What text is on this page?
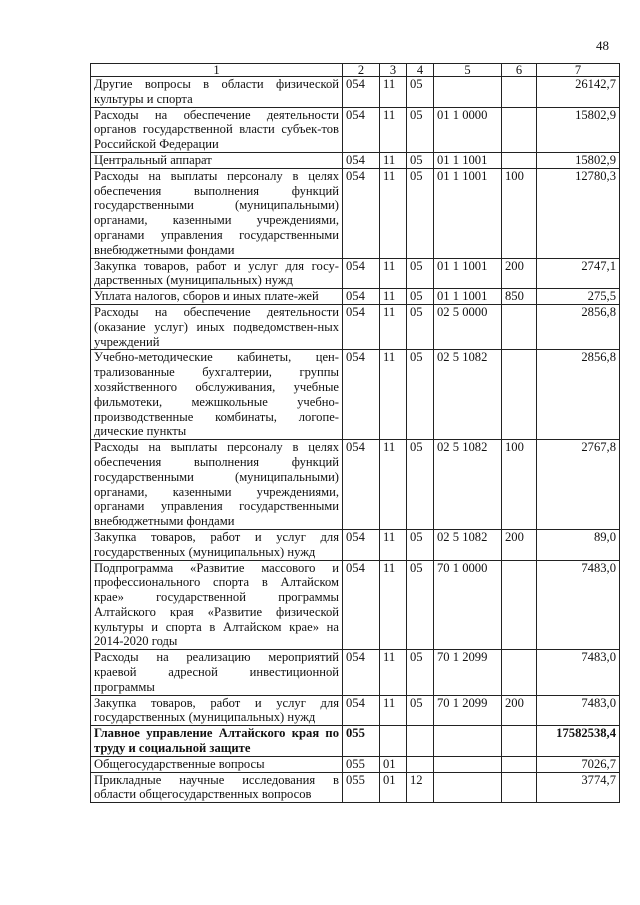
48
1	2	3	4	5	6	7
Другие вопросы в области физической культуры и спорта	054	11	05			26142,7
Расходы на обеспечение деятельности органов государственной власти субъек-тов Российской Федерации	054	11	05	01 1 0000		15802,9
Центральный аппарат	054	11	05	01 1 1001		15802,9
Расходы на выплаты персоналу в целях обеспечения выполнения функций государственными (муниципальными) органами, казенными учреждениями, органами управления государственными внебюджетными фондами	054	11	05	01 1 1001	100	12780,3
Закупка товаров, работ и услуг для госу-дарственных (муниципальных) нужд	054	11	05	01 1 1001	200	2747,1
Уплата налогов, сборов и иных плате-жей	054	11	05	01 1 1001	850	275,5
Расходы на обеспечение деятельности (оказание услуг) иных подведомствен-ных учреждений	054	11	05	02 5 0000		2856,8
Учебно-методические кабинеты, цен-трализованные бухгалтерии, группы хозяйственного обслуживания, учебные фильмотеки, межшкольные учебно-производственные комбинаты, логопе-дические пункты	054	11	05	02 5 1082		2856,8
Расходы на выплаты персоналу в целях обеспечения выполнения функций государственными (муниципальными) органами, казенными учреждениями, органами управления государственными внебюджетными фондами	054	11	05	02 5 1082	100	2767,8
Закупка товаров, работ и услуг для государственных (муниципальных) нужд	054	11	05	02 5 1082	200	89,0
Подпрограмма «Развитие массового и профессионального спорта в Алтайском крае» государственной программы Алтайского края «Развитие физической культуры и спорта в Алтайском крае» на 2014-2020 годы	054	11	05	70 1 0000		7483,0
Расходы на реализацию мероприятий краевой адресной инвестиционной программы	054	11	05	70 1 2099		7483,0
Закупка товаров, работ и услуг для государственных (муниципальных) нужд	054	11	05	70 1 2099	200	7483,0
Главное управление Алтайского края по труду и социальной защите	055					17582538,4
Общегосударственные вопросы	055	01				7026,7
Прикладные научные исследования в области общегосударственных вопросов	055	01	12			3774,7
